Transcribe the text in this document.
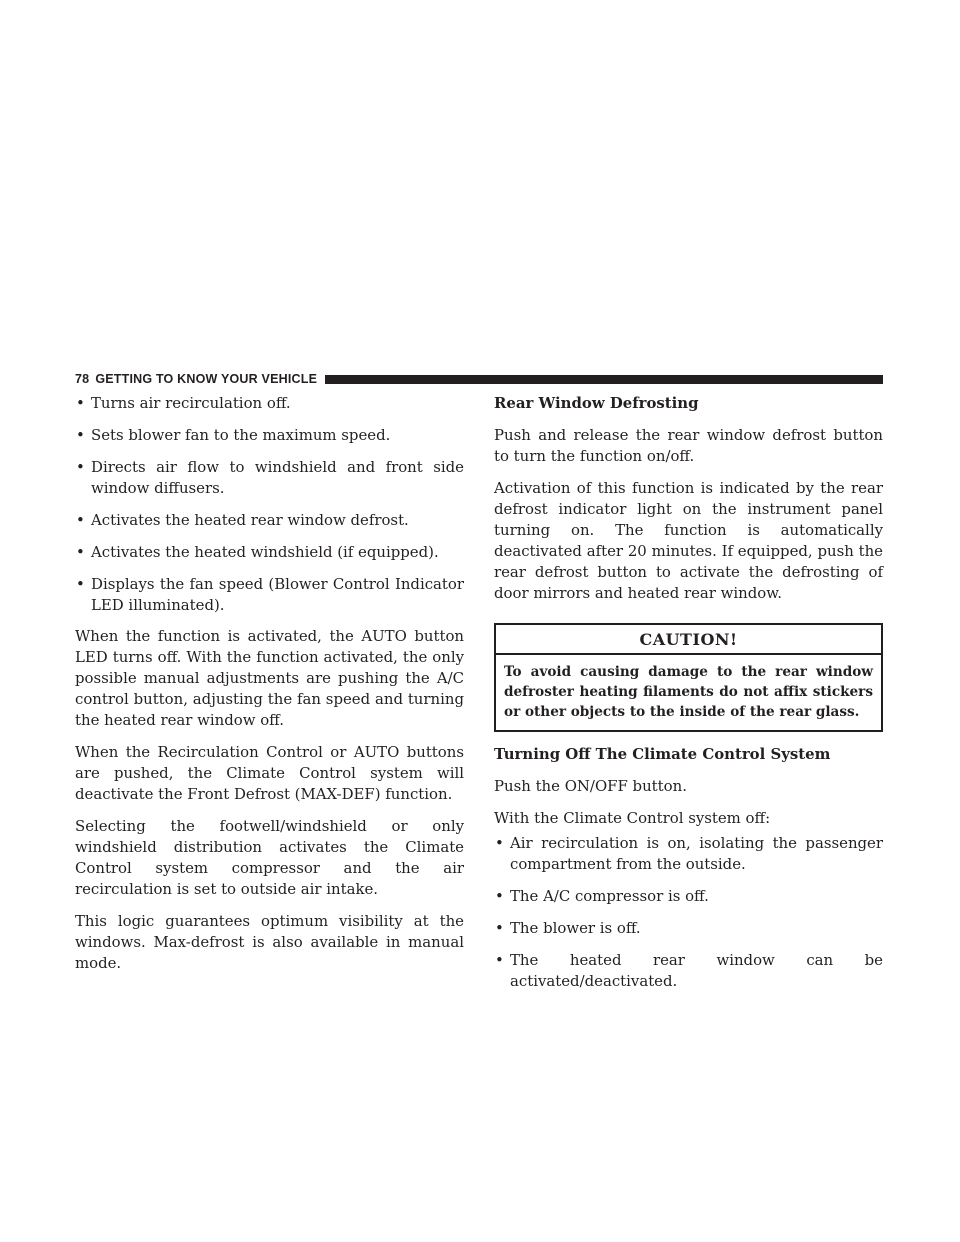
78 GETTING TO KNOW YOUR VEHICLE
• Turns air recirculation off.
• Sets blower fan to the maximum speed.
• Directs air flow to windshield and front side window diffusers.
• Activates the heated rear window defrost.
• Activates the heated windshield (if equipped).
• Displays the fan speed (Blower Control Indicator LED illuminated).

When the function is activated, the AUTO button LED turns off. With the function activated, the only possible manual adjustments are pushing the A/C control button, adjusting the fan speed and turning the heated rear window off.

When the Recirculation Control or AUTO buttons are pushed, the Climate Control system will deactivate the Front Defrost (MAX-DEF) function.

Selecting the footwell/windshield or only windshield distribution activates the Climate Control system compressor and the air recirculation is set to outside air intake.

This logic guarantees optimum visibility at the windows. Max-defrost is also available in manual mode.

Rear Window Defrosting

Push and release the rear window defrost button to turn the function on/off.

Activation of this function is indicated by the rear defrost indicator light on the instrument panel turning on. The function is automatically deactivated after 20 minutes. If equipped, push the rear defrost button to activate the defrosting of door mirrors and heated rear window.

CAUTION!
To avoid causing damage to the rear window defroster heating filaments do not affix stickers or other objects to the inside of the rear glass.
Turning Off The Climate Control System

Push the ON/OFF button.

With the Climate Control system off:

• Air recirculation is on, isolating the passenger compartment from the outside.
• The A/C compressor is off.
• The blower is off.
• The heated rear window can be activated/deactivated.
